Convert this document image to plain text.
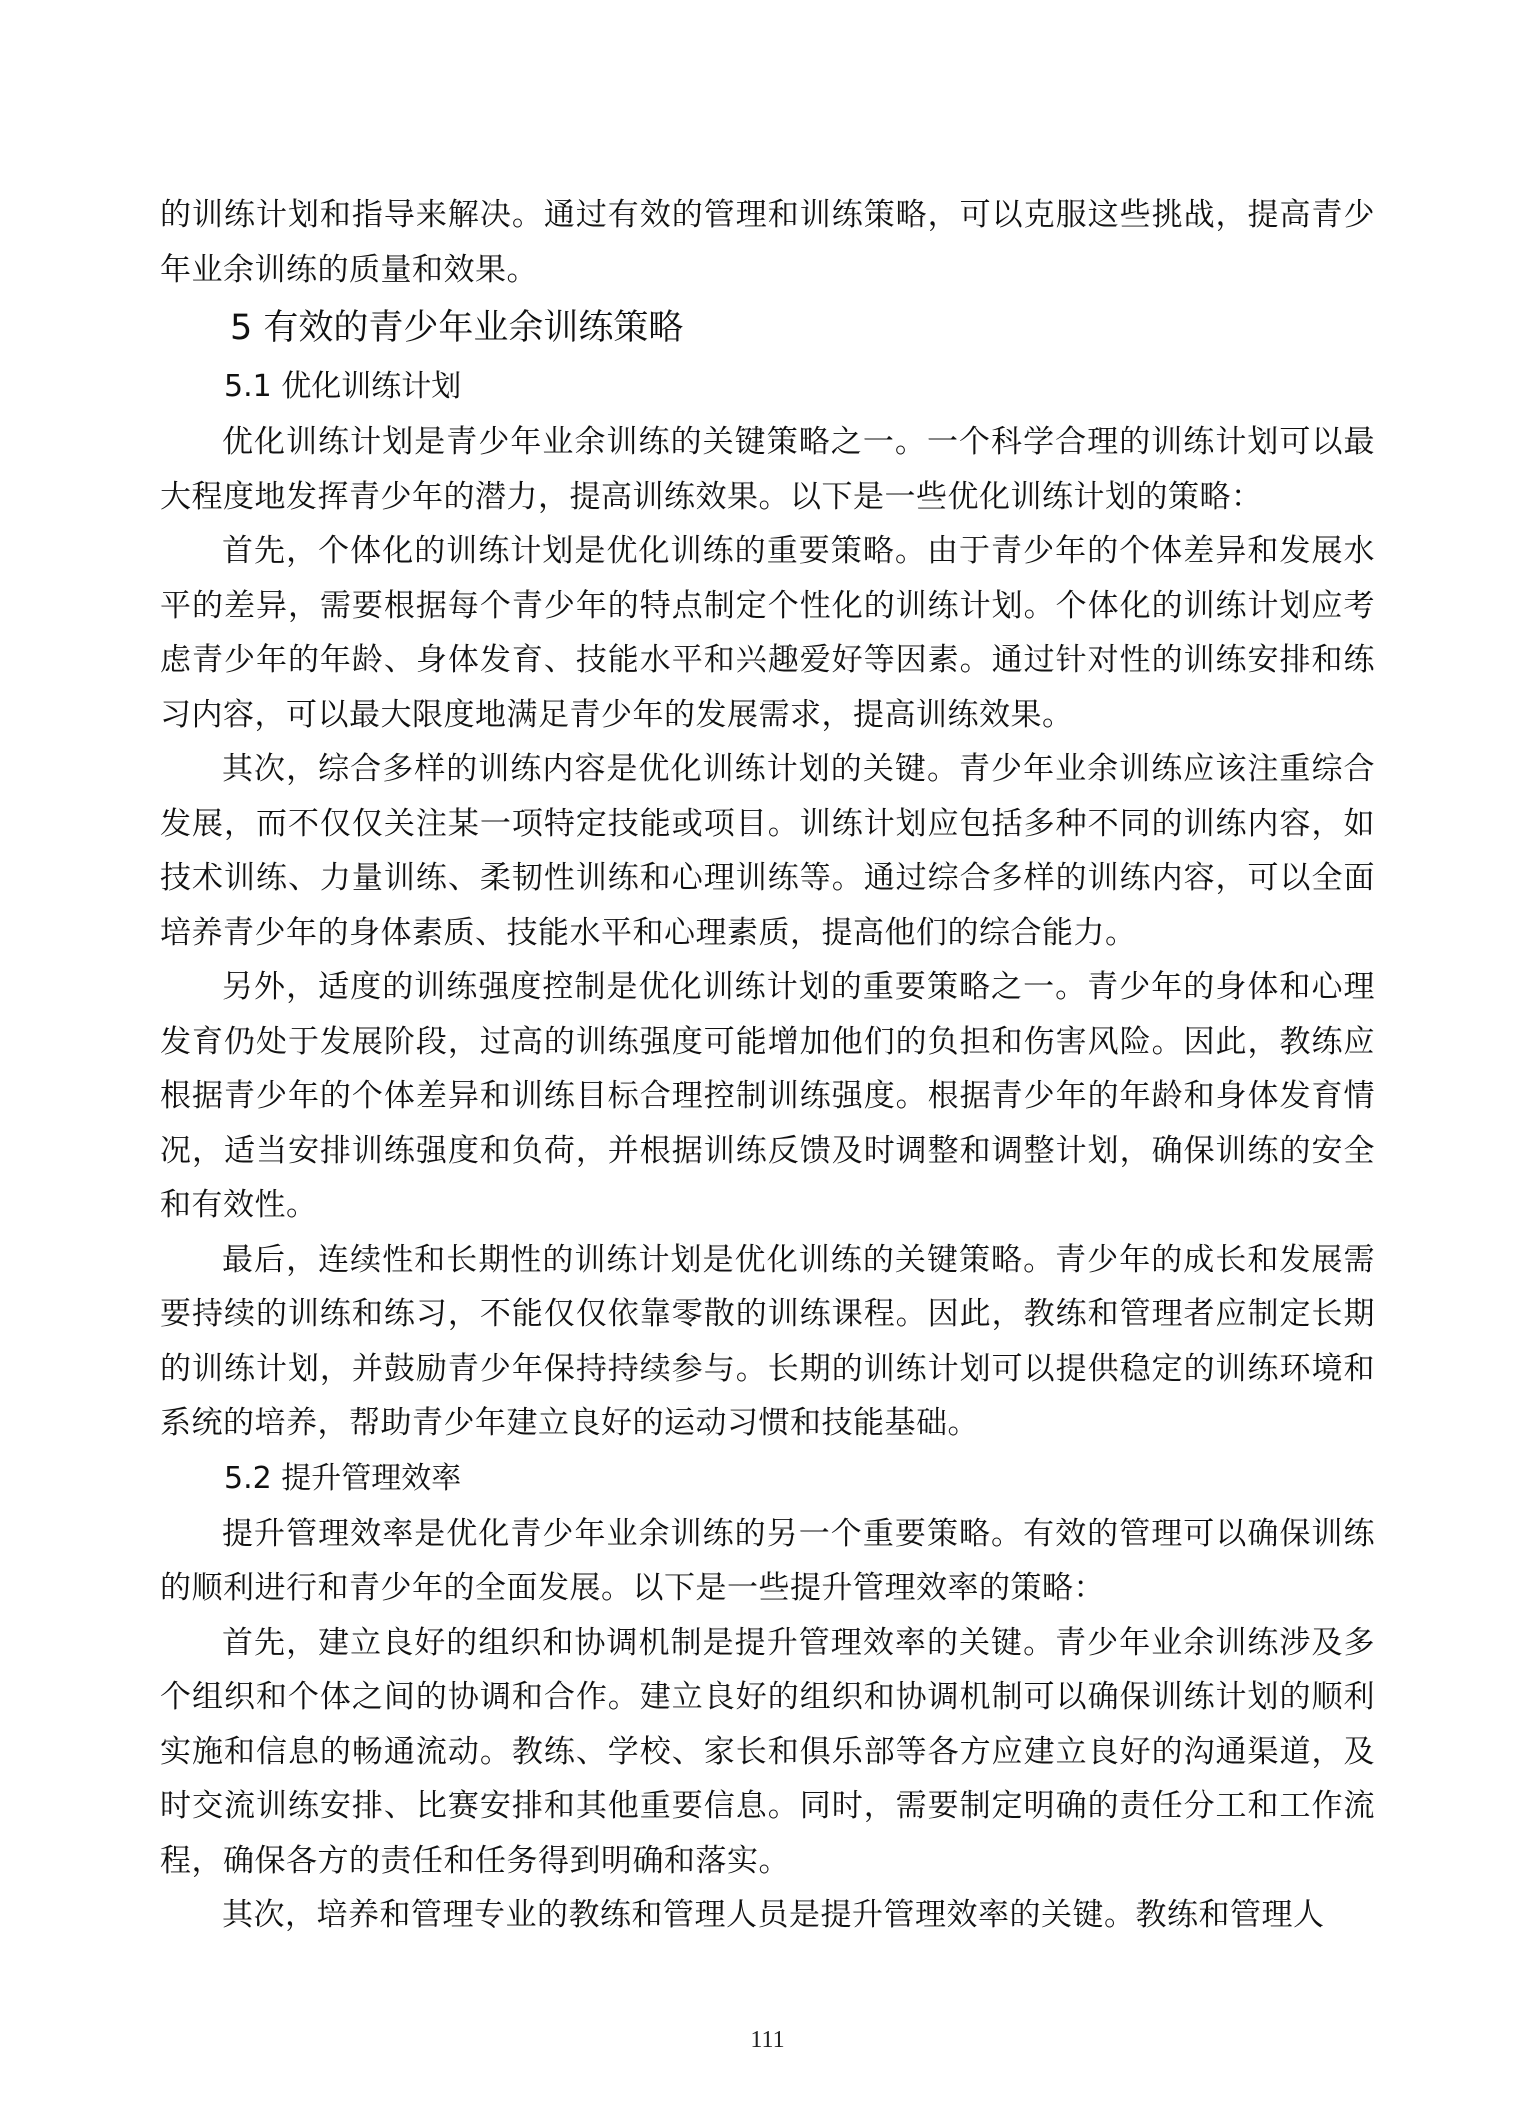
的训练计划和指导来解决。通过有效的管理和训练策略，可以克服这些挑战，提高青少年业余训练的质量和效果。

5 有效的青少年业余训练策略
5.1 优化训练计划

优化训练计划是青少年业余训练的关键策略之一。一个科学合理的训练计划可以最大程度地发挥青少年的潜力，提高训练效果。以下是一些优化训练计划的策略：

首先，个体化的训练计划是优化训练的重要策略。由于青少年的个体差异和发展水平的差异，需要根据每个青少年的特点制定个性化的训练计划。个体化的训练计划应考虑青少年的年龄、身体发育、技能水平和兴趣爱好等因素。通过针对性的训练安排和练习内容，可以最大限度地满足青少年的发展需求，提高训练效果。

其次，综合多样的训练内容是优化训练计划的关键。青少年业余训练应该注重综合发展，而不仅仅关注某一项特定技能或项目。训练计划应包括多种不同的训练内容，如技术训练、力量训练、柔韧性训练和心理训练等。通过综合多样的训练内容，可以全面培养青少年的身体素质、技能水平和心理素质，提高他们的综合能力。

另外，适度的训练强度控制是优化训练计划的重要策略之一。青少年的身体和心理发育仍处于发展阶段，过高的训练强度可能增加他们的负担和伤害风险。因此，教练应根据青少年的个体差异和训练目标合理控制训练强度。根据青少年的年龄和身体发育情况，适当安排训练强度和负荷，并根据训练反馈及时调整和调整计划，确保训练的安全和有效性。

最后，连续性和长期性的训练计划是优化训练的关键策略。青少年的成长和发展需要持续的训练和练习，不能仅仅依靠零散的训练课程。因此，教练和管理者应制定长期的训练计划，并鼓励青少年保持持续参与。长期的训练计划可以提供稳定的训练环境和系统的培养，帮助青少年建立良好的运动习惯和技能基础。

5.2 提升管理效率

提升管理效率是优化青少年业余训练的另一个重要策略。有效的管理可以确保训练的顺利进行和青少年的全面发展。以下是一些提升管理效率的策略：

首先，建立良好的组织和协调机制是提升管理效率的关键。青少年业余训练涉及多个组织和个体之间的协调和合作。建立良好的组织和协调机制可以确保训练计划的顺利实施和信息的畅通流动。教练、学校、家长和俱乐部等各方应建立良好的沟通渠道，及时交流训练安排、比赛安排和其他重要信息。同时，需要制定明确的责任分工和工作流程，确保各方的责任和任务得到明确和落实。

其次，培养和管理专业的教练和管理人员是提升管理效率的关键。教练和管理人

111
